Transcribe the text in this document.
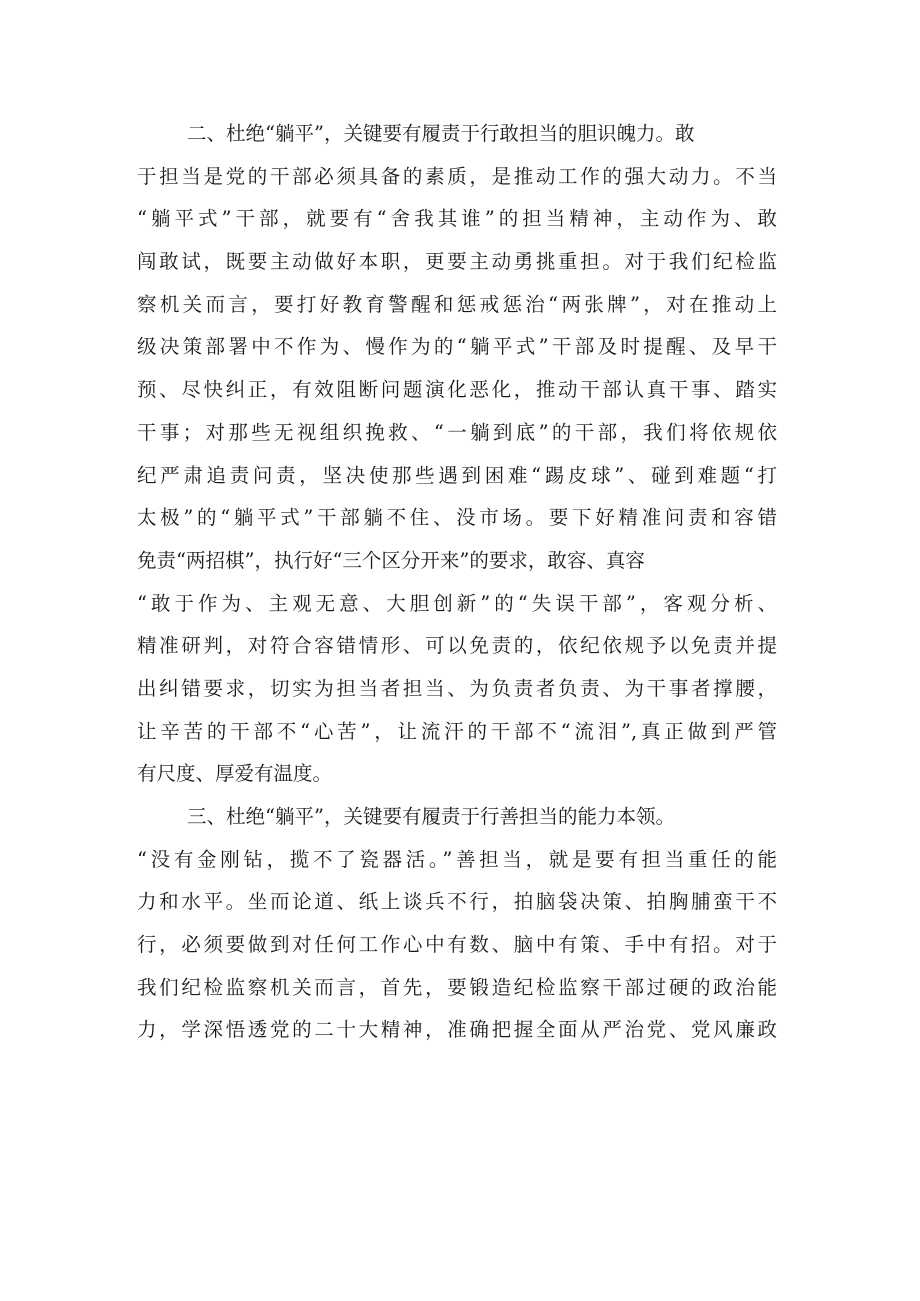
二、杜绝“躺平”，关键要有履责于行敢担当的胆识魄力。敢
于担当是党的干部必须具备的素质，是推动工作的强大动力。不当
“躺平式”干部，就要有“舍我其谁”的担当精神，主动作为、敢
闯敢试，既要主动做好本职，更要主动勇挑重担。对于我们纪检监
察机关而言，要打好教育警醒和惩戒惩治“两张牌”，对在推动上
级决策部署中不作为、慢作为的“躺平式”干部及时提醒、及早干
预、尽快纠正，有效阻断问题演化恶化，推动干部认真干事、踏实
干事；对那些无视组织挽救、“一躺到底”的干部，我们将依规依
纪严肃追责问责，坚决使那些遇到困难“踢皮球”、碰到难题“打
太极”的“躺平式”干部躺不住、没市场。要下好精准问责和容错
免责“两招棋”，执行好“三个区分开来”的要求，敢容、真容
“敢于作为、主观无意、大胆创新”的“失误干部”，客观分析、
精准研判，对符合容错情形、可以免责的，依纪依规予以免责并提
出纠错要求，切实为担当者担当、为负责者负责、为干事者撑腰，
让辛苦的干部不“心苦”，让流汗的干部不“流泪”,真正做到严管
有尺度、厚爱有温度。
三、杜绝“躺平”，关键要有履责于行善担当的能力本领。
“没有金刚钻，揽不了瓷器活。”善担当，就是要有担当重任的能
力和水平。坐而论道、纸上谈兵不行，拍脑袋决策、拍胸脯蛮干不
行，必须要做到对任何工作心中有数、脑中有策、手中有招。对于
我们纪检监察机关而言，首先，要锻造纪检监察干部过硬的政治能
力，学深悟透党的二十大精神，准确把握全面从严治党、党风廉政
